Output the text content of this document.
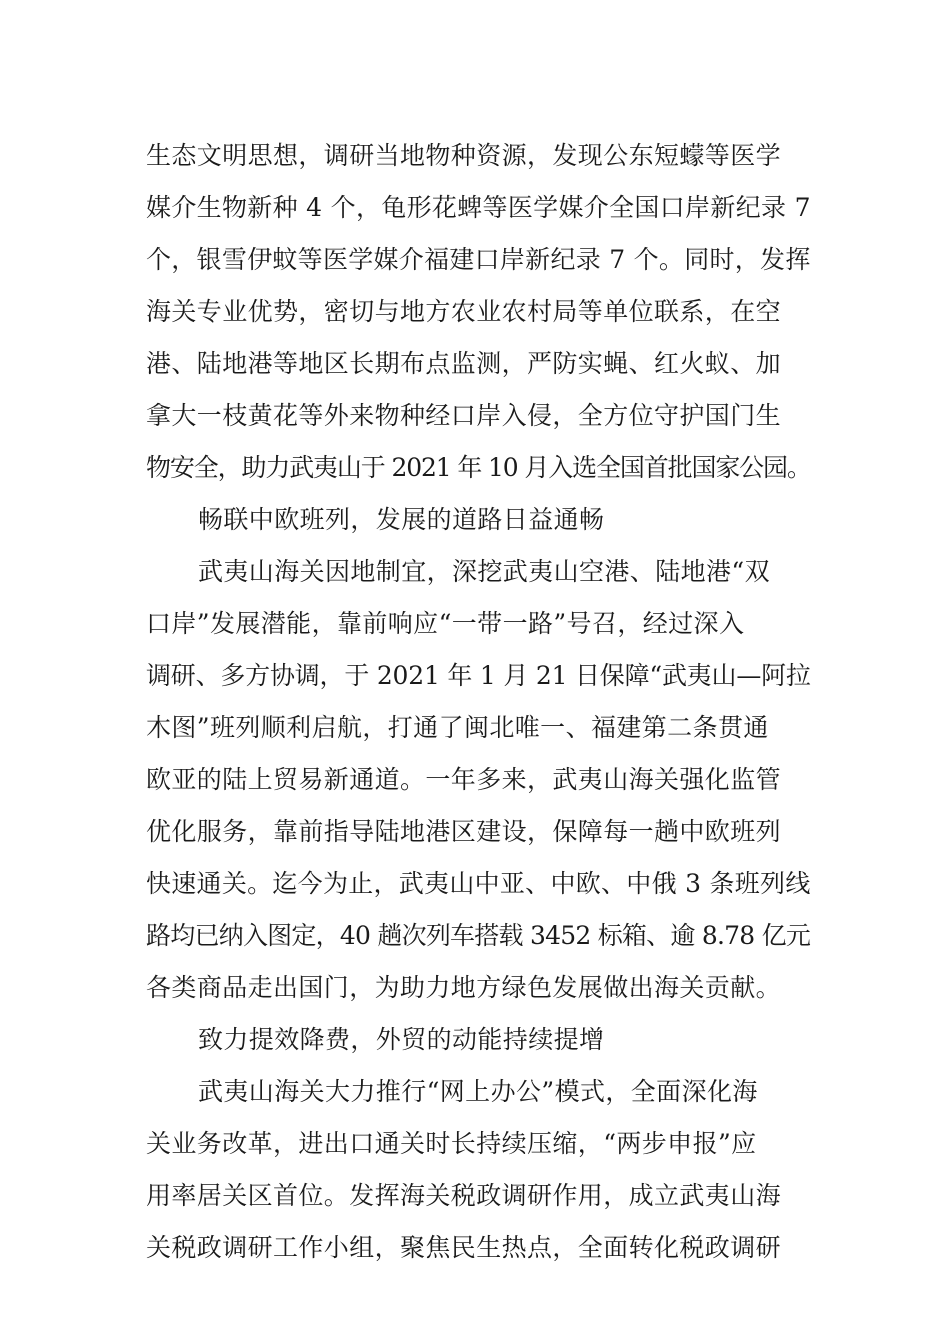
生态文明思想，调研当地物种资源，发现公东短蠓等医学
媒介生物新种 4 个，龟形花蜱等医学媒介全国口岸新纪录 7
个，银雪伊蚊等医学媒介福建口岸新纪录 7 个。同时，发挥
海关专业优势，密切与地方农业农村局等单位联系，在空
港、陆地港等地区长期布点监测，严防实蝇、红火蚁、加
拿大一枝黄花等外来物种经口岸入侵，全方位守护国门生
物安全，助力武夷山于 2021 年 10 月入选全国首批国家公园。
畅联中欧班列，发展的道路日益通畅
武夷山海关因地制宜，深挖武夷山空港、陆地港“双
口岸”发展潜能，靠前响应“一带一路”号召，经过深入
调研、多方协调，于 2021 年 1 月 21 日保障“武夷山—阿拉
木图”班列顺利启航，打通了闽北唯一、福建第二条贯通
欧亚的陆上贸易新通道。一年多来，武夷山海关强化监管
优化服务，靠前指导陆地港区建设，保障每一趟中欧班列
快速通关。迄今为止，武夷山中亚、中欧、中俄 3 条班列线
路均已纳入图定，40 趟次列车搭载 3452 标箱、逾 8.78 亿元
各类商品走出国门，为助力地方绿色发展做出海关贡献。
致力提效降费，外贸的动能持续提增
武夷山海关大力推行“网上办公”模式，全面深化海
关业务改革，进出口通关时长持续压缩，“两步申报”应
用率居关区首位。发挥海关税政调研作用，成立武夷山海
关税政调研工作小组，聚焦民生热点，全面转化税政调研
